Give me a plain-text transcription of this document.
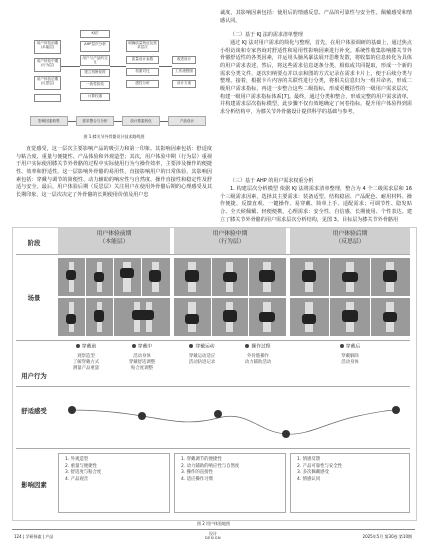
用户体验前期(本能层)
用户体验中期(行为层)
用户体验后期(反思层)

KJ法
AHP层次分析
用户与产品的交互
建立判断矩阵
一致性检验
计算权重
明确质量特征及需求层次
质量设计参数
权重对比
感性分析
改进设计
工作流程图
设计方案
影响因素收集	需求整合与分析	设计要素转化	产品设计
图 1 膝关节外骨骼设计技术路线图
直觉感受，这一层次主要影响产品的吸引力和第一印象。其影响因素包括：舒适度与粘合度、重量与便捷性、产品体验和外观造型；其次，用户体验中期（行为层）重视于用户实际使用膝关节外骨骼的过程中实际使用行为与操作效率，主要涉及操作的便捷性、效率和舒适性。这一层影响外骨骼的易用性，直接影响用户的日常体验，其影响因素包括：穿戴与调节的简便性、动力辅助的响应性与自然度、操作直接性和稳定性及舒适与安全。最后，用户体验后期（反思层）关注用户在使用外骨骼后期的心理感受及其长期印象，这一层次决定了外骨骼的长期使用价值及用户忠
诚度，其影响因素包括：使用后的情感反思、产品的可靠性与安全性、佩戴感受和情感认同。
（二）基于 KJ 法的需求清单整理
通过 KJ 法对用户需求的简化与整理，首先，在用户体验调研的基础上，通过焦点小组访谈和专家咨询对舒适性和易用性影响因素进行补充。系统性收集影响膝关节外骨骼舒适性的各类因素，并运用头脑风暴法展开思维发散，将收集的信息转化为具体的用户需求表述，然后，将这些需求信息逐条分类，相似或共同提取，形成一个新的需求分类文件，逐次归纳要点并以亲和图的方式记录在需求卡片上，便于后续分类与整理。接着，根据卡片内容的关联性进行分类，将相关信息归为一组并命名，形成二级用户需求指标，再进一步整合这些二级指标，形成更概括性的一级用户需求层次，构建一级用户需求指标体系[7]。最终，通过分类和整合，形成完整的用户需求清单，并构建需求层次指标模型，此步骤不仅有效地确定了问卷指标，提升用户体验得到需求分析结构中，为膝关节外骨骼设计提供科学的基础与参考。
（三）基于 AHP 的用户需求权重分析
1. 构建层次分析模型 依据 KJ 法将需求清单整理，整合为 4 个二级需求层和 16 个三级需求因素，选择其主要需求：装备适型、结构稳固、产品配色、耐用材料、操作便捷、反馈直观、一键操作、易穿戴、简单上手、适配需求；可调节性、隐发贴合、全天候佩戴、轻便便携，心理需求：安全性、自信感、长期使用、个性表达。建立了膝关节外骨骼的用户需求层次分析结构，见图 3。目标层为膝关节外骨骼用
阶段
场景
用户行为
舒适感受
影响因素
用户体验前期
（本能层）
用户体验中期
（行为层）
用户体验后期
（反思层）
穿戴前
观察造型
了解穿戴方式
测量产品重量
穿戴中
活动身体
穿戴舒适调整
贴合度调整
穿戴运动
穿戴运动适应
活动轨迹记录
操作过程
外骨骼操作
动力辅助活动
穿戴后
穿戴解除
活动身体
1. 外观造型
2. 重量与便捷性
3. 舒适度与粘合度
4. 产品观音
1. 穿戴调节的便捷性
2. 动力辅助的响应性与自然度
3. 操作的直接性
4. 适应操作习惯
1. 情感反馈
2. 产品可靠性与安全性
3. 多次佩戴感受
4. 情感认同
图 2 用户体验地图
124 | 学研探索 | 产品
设计
DESIGN	2025年5月 第30卷 第10期
